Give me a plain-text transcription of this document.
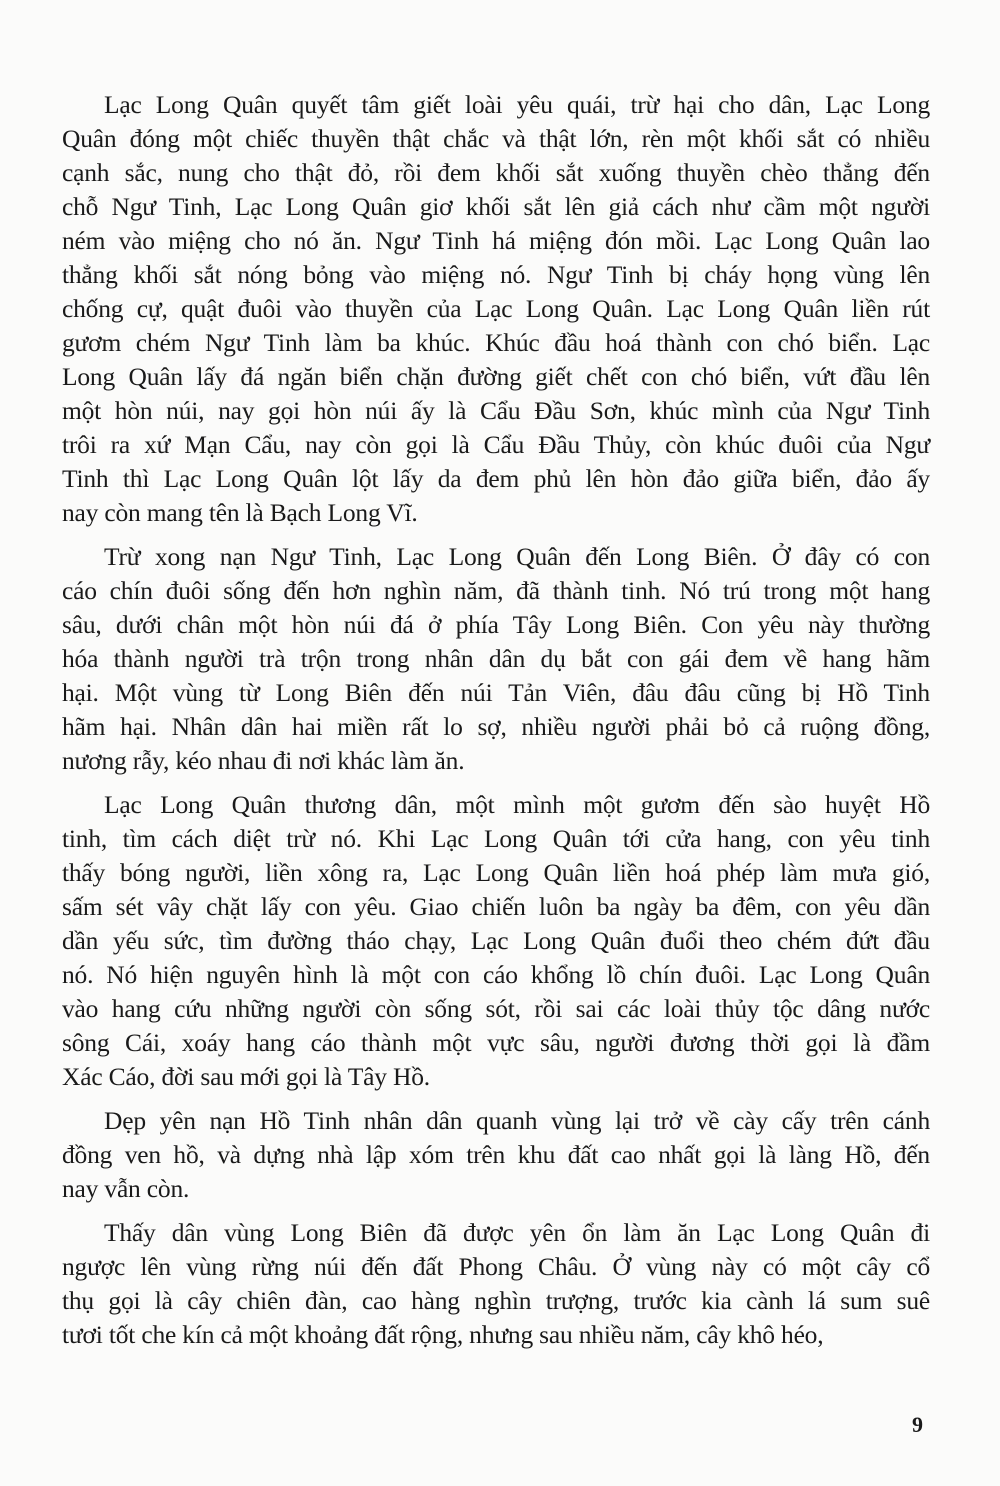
Lạc Long Quân quyết tâm giết loài yêu quái, trừ hại cho dân, Lạc Long
Quân đóng một chiếc thuyền thật chắc và thật lớn, rèn một khối sắt có nhiều
cạnh sắc, nung cho thật đỏ, rồi đem khối sắt xuống thuyền chèo thẳng đến
chỗ Ngư Tinh, Lạc Long Quân giơ khối sắt lên giả cách như cầm một người
ném vào miệng cho nó ăn. Ngư Tinh há miệng đón mồi. Lạc Long Quân lao
thẳng khối sắt nóng bỏng vào miệng nó. Ngư Tinh bị cháy họng vùng lên
chống cự, quật đuôi vào thuyền của Lạc Long Quân. Lạc Long Quân liền rút
gươm chém Ngư Tinh làm ba khúc. Khúc đầu hoá thành con chó biển. Lạc
Long Quân lấy đá ngăn biển chặn đường giết chết con chó biển, vứt đầu lên
một hòn núi, nay gọi hòn núi ấy là Cẩu Đầu Sơn, khúc mình của Ngư Tinh
trôi ra xứ Mạn Cẩu, nay còn gọi là Cẩu Đầu Thủy, còn khúc đuôi của Ngư
Tinh thì Lạc Long Quân lột lấy da đem phủ lên hòn đảo giữa biển, đảo ấy
nay còn mang tên là Bạch Long Vĩ.
Trừ xong nạn Ngư Tinh, Lạc Long Quân đến Long Biên. Ở đây có con
cáo chín đuôi sống đến hơn nghìn năm, đã thành tinh. Nó trú trong một hang
sâu, dưới chân một hòn núi đá ở phía Tây Long Biên. Con yêu này thường
hóa thành người trà trộn trong nhân dân dụ bắt con gái đem về hang hãm
hại. Một vùng từ Long Biên đến núi Tản Viên, đâu đâu cũng bị Hồ Tinh
hãm hại. Nhân dân hai miền rất lo sợ, nhiều người phải bỏ cả ruộng đồng,
nương rẫy, kéo nhau đi nơi khác làm ăn.
Lạc Long Quân thương dân, một mình một gươm đến sào huyệt Hồ
tinh, tìm cách diệt trừ nó. Khi Lạc Long Quân tới cửa hang, con yêu tinh
thấy bóng người, liền xông ra, Lạc Long Quân liền hoá phép làm mưa gió,
sấm sét vây chặt lấy con yêu. Giao chiến luôn ba ngày ba đêm, con yêu dần
dần yếu sức, tìm đường tháo chạy, Lạc Long Quân đuổi theo chém đứt đầu
nó. Nó hiện nguyên hình là một con cáo khổng lồ chín đuôi. Lạc Long Quân
vào hang cứu những người còn sống sót, rồi sai các loài thủy tộc dâng nước
sông Cái, xoáy hang cáo thành một vực sâu, người đương thời gọi là đầm
Xác Cáo, đời sau mới gọi là Tây Hồ.
Dẹp yên nạn Hồ Tinh nhân dân quanh vùng lại trở về cày cấy trên cánh
đồng ven hồ, và dựng nhà lập xóm trên khu đất cao nhất gọi là làng Hồ, đến
nay vẫn còn.
Thấy dân vùng Long Biên đã được yên ổn làm ăn Lạc Long Quân đi
ngược lên vùng rừng núi đến đất Phong Châu. Ở vùng này có một cây cổ
thụ gọi là cây chiên đàn, cao hàng nghìn trượng, trước kia cành lá sum suê
tươi tốt che kín cả một khoảng đất rộng, nhưng sau nhiều năm, cây khô héo,
9
